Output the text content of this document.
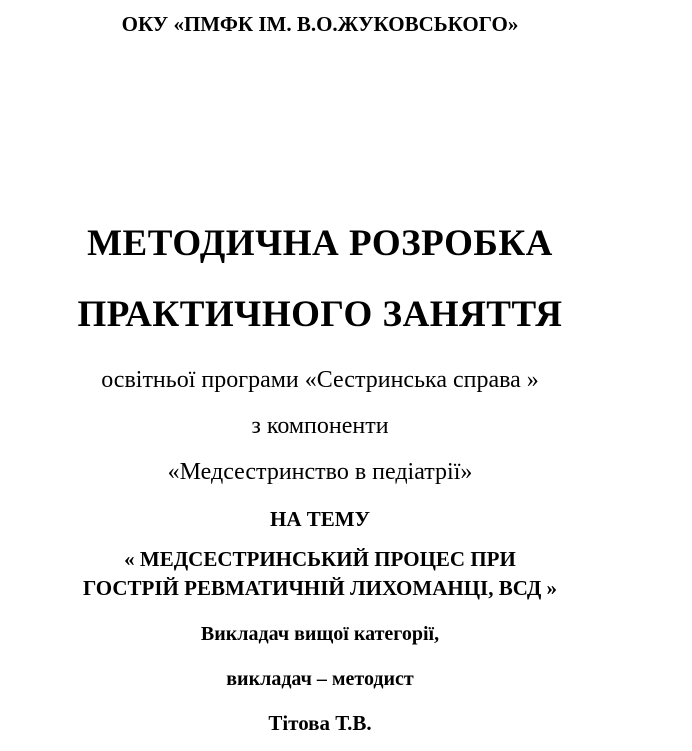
ОКУ «ПМФК ІМ. В.О.ЖУКОВСЬКОГО»
МЕТОДИЧНА РОЗРОБКА
ПРАКТИЧНОГО ЗАНЯТТЯ
освітньої програми «Сестринська справа »
з компоненти
«Медсестринство в педіатрії»
НА ТЕМУ
« МЕДСЕСТРИНСЬКИЙ ПРОЦЕС ПРИ
ГОСТРІЙ РЕВМАТИЧНІЙ ЛИХОМАНЦІ, ВСД »
Викладач вищої категорії,
викладач – методист
Тітова Т.В.
